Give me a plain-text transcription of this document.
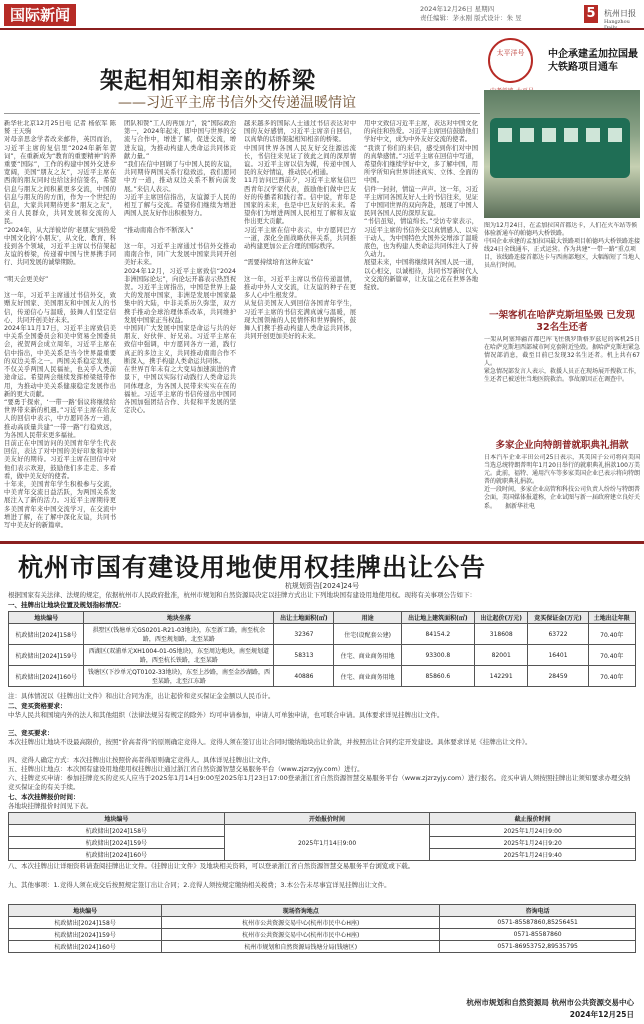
国际新闻	2024年12月26日 星期四
责任编辑：茅永刚 版式设计：朱 昱	5	杭州日报
Hangzhou Daily
架起相知相亲的桥梁
——习近平主席书信外交传递温暖情谊
新华社北京12月25日电 记者 杨依军 陈赟 王天驹
对母亲思念学者改来邮件，英因而治，习近平主席的复信里“2024年新年贺词”，在重新成为“教育的重要精神”的养重要“国际”，工作的构建中国外交进步宽阔，美国“朋友之友”，习近平主席在西南的朋友同时也给这封信签名，希望信息与朋友之间积累更多交流，中国的信息与朋友的的方面，作为一个世纪的信息，大家共同期待更多“朋友之友”，来自人民群众，共同发展和交流的人民。
“2024年，从大洋彼岸的‘老朋友’到热爱中国文化的‘小朋友’，从文化、教育、科技到各个领域，习近平主席以书信架起友谊的桥梁，传递着中国与世界携手同行、共同发展的诚挚期盼。

“明天会更美好”

这一年，习近平主席通过书信外交，致赠友好国家、美国朋友和中国友人的书信，传递信心与温暖，鼓舞人们坚定信心、共同开创美好未来。
2024年11月17日，习近平主席致信美中关系全国委员会和美中贸易全国委员会，祝贺两会成立周年，习近平主席在信中指出，中美关系是当今世界最重要的双边关系之一。两国关系稳定发展，不仅关乎两国人民福祉，也关乎人类前途命运。希望两会继续发挥桥梁纽带作用，为推动中美关系健康稳定发展作出新的更大贡献。
“要勇于探索，‘一带一路’倡议将继续给世界带来新的机遇。”习近平主席在给友人的回信中表示，中方愿同各方一道，推动高质量共建“一带一路”行稳致远，为各国人民带来更多福祉。
目前正在中国访问的美国青年学生代表回信，表达了对中国的美好印象和对中美友好的期待。习近平主席在回信中对他们表示欢迎，鼓励他们多走走、多看看，做中美友好的使者。
十年来，美国青年学生积极参与交流，中美青年交流日益活跃，为两国关系发展注入了新的活力。习近平主席期待更多美国青年来中国交流学习，在交流中增进了解，在了解中深化友谊，共同书写中美友好的新篇章。
团队和赞“工人的再加力”，说“国际政治第一，2024年起来，即中国与世界的交流与合作中，增进了解，促进交流，增进友谊，为推动构建人类命运共同体贡献力量。”
“我们在信中回顾了与中国人民的友谊，共同期待两国关系行稳致远，我们愿同中方一道，推动双边关系不断向前发展。”来信人表示。
习近平主席回信指出，友谊源于人民的相互了解与交流。希望你们继续为增进两国人民友好作出积极努力。

“推动南南合作不断深入”

这一年，习近平主席通过书信外交推动南南合作，同广大发展中国家共同开创美好未来。
2024年12月，习近平主席致信“2024非洲国际论坛”，向论坛开幕表示热烈祝贺。习近平主席指出，中国是世界上最大的发展中国家，非洲是发展中国家最集中的大陆，中非关系历久弥坚，双方携手推动全球治理体系改革，共同维护发展中国家正当权益。
中国同广大发展中国家是命运与共的好朋友、好伙伴、好兄弟。习近平主席在致信中强调，中方愿同各方一道，践行真正的多边主义，共同推动南南合作不断深入，携手构建人类命运共同体。
在世界百年未有之大变局加速演进的背景下，中国以实际行动践行人类命运共同体理念，为各国人民带来实实在在的福祉。习近平主席的书信传递出中国同各国加强团结合作、共促和平发展的坚定决心。
越来越多的国际人士通过书信表达对中国的友好感情，习近平主席亲自回信，以真挚的话语架起相知相亲的桥梁。
中国同世界各国人民友好交往源远流长，书信往来见证了彼此之间的深厚情谊。习近平主席以信为媒，传递中国人民的友好情谊，推动民心相通。
11月访问巴西前夕，习近平主席复信巴西青年汉学家代表，鼓励他们做中巴友好的传播者和践行者。信中说，青年是国家的未来，也是中巴友好的未来。希望你们为增进两国人民相互了解和友谊作出更大贡献。
习近平主席在信中表示，中方愿同巴方一道，深化全面战略伙伴关系，共同推动构建更加公正合理的国际秩序。

“需要持续培育这种友谊”

这一年，习近平主席以书信传递温情，推动中外人文交流，让友谊的种子在更多人心中生根发芽。
从复信美国友人到回信各国青年学生，习近平主席的书信充满真诚与温暖，展现大国领袖的人民情怀和世界胸怀，鼓舞人们携手推动构建人类命运共同体，共同开创更加美好的未来。
用中文致信习近平主席，表达对中国文化的向往和热爱。习近平主席回信鼓励他们学好中文，成为中外友好交流的使者。
“我读了你们的来信，感受到你们对中国的真挚感情。”习近平主席在回信中写道，希望你们继续学好中文，多了解中国，用所学所知向世界讲述真实、立体、全面的中国。
信件一封封，情谊一声声。这一年，习近平主席同各国友好人士的书信往来，见证了中国同世界的双向奔赴，展现了中国人民同各国人民的深厚友谊。
“书信虽短，情谊绵长。”受访专家表示，习近平主席的书信外交以真情感人、以实干动人，为中国特色大国外交增添了温暖底色，也为构建人类命运共同体注入了持久动力。
展望未来，中国将继续同各国人民一道，以心相交，以诚相待，共同书写新时代人文交流的新篇章，让友谊之花在世界各地绽放。
太平洋号	中企承建孟加拉国最大铁路项目通车
图为12月24日，在孟加拉国首都达卡，人们在火车站等候体验新通车的帕德玛大桥铁路。
中国企业承建的孟加拉国最大铁路项目帕德玛大桥铁路连接线24日全线通车，正式运营。作为共建“一带一路”重点项目，该线路连接首都达卡与西南部地区，大幅缩短了当地人员出行时间。
一架客机在哈萨克斯坦坠毁 已发现32名生还者
一架从阿塞拜疆首都巴库飞往俄罗斯格罗兹尼的客机25日在哈萨克斯坦西部城市阿克套附近坠毁。据哈萨克斯坦紧急情况部消息，截至目前已发现32名生还者。机上共有67人。
紧急情况部发言人表示，救援人员正在现场展开搜救工作，生还者已被送往当地医院救治。事故原因正在调查中。
多家企业向特朗普就职典礼捐款
日本汽车企业丰田公司25日表示，其美国子公司将向美国当选总统特朗普明年1月20日举行的就职典礼捐款100万美元。此前，福特、通用汽车等多家美国企业已表示将向特朗普的就职典礼捐款。
近一段时间，多家企业高管和科技公司负责人纷纷与特朗普会面，美国媒体报道称，企业试图与新一届政府建立良好关系。　　据新华社电
杭州市国有建设用地使用权挂牌出让公告
杭规划资告[2024]24号
根据国家有关法律、法规的规定，依据杭州市人民政府批准，杭州市规划和自然资源局决定以挂牌方式出让下列地块国有建设用地使用权。现将有关事项公告如下：
一、挂牌出让地块位置及规划指标情况：
地块编号	地块坐落	出让土地面积(㎡)	用途	出让地上建筑面积(㎡)	出让起价(万元)	竞买保证金(万元)	土地出让年限
杭政储出[2024]158号	拱墅区(钱塘单元GS0201-R21-03地块)，东至新工路，南至杭余路，西至规划路，北至某路	32367	住宅(设配套公建)	84154.2	318608	63722	70.40年
杭政储出[2024]159号	西湖区(双浦单元XH1004-01-05地块)，东至周边地块，南至规划道路，西至杭长铁路，北至某路	58313	住宅、商业商务用地	93300.8	82001	16401	70.40年
杭政储出[2024]160号	钱塘区(下沙单元QT0102-33地块)，东至上沙路，南至金沙湖路，西至某路，北至江东路	40886	住宅、商业商务用地	85860.6	142291	28459	70.40年
注：具体情况以《挂牌出让文件》和出让合同为准，出让起价和竞买保证金金额以人民币计。
二、竞买资格要求：
中华人民共和国境内外的法人和其他组织（法律法规另有规定的除外）均可申请参加，申请人可单独申请，也可联合申请。具体要求详见挂牌出让文件。
三、竞买要求：
本次挂牌出让地块不设最高限价，按照“价高者得”的原则确定竞得人。竞得人须在签订出让合同时缴纳地块出让价款，并按照出让合同约定开发建设。具体要求详见《挂牌出让文件》。
四、竞得人确定方式：本次挂牌出让按照价高者得原则确定竞得人。具体详见挂牌出让文件。
五、挂牌出让地点：本次国有建设用地使用权挂牌出让通过浙江省自然资源智慧交易服务平台（www.zjzrzyjy.com）进行。
六、挂牌竞买申请：参加挂牌竞买的竞买人应当于2025年1月14日9:00至2025年1月23日17:00登录浙江省自然资源智慧交易服务平台（www.zjzrzyjy.com）进行报名。竞买申请人须按照挂牌出让须知要求办理交纳竞买保证金的有关手续。
七、本次挂牌报价时间：
各地块挂牌报价时间见下表。
地块编号	开始报价时间	截止报价时间
杭政储出[2024]158号	2025年1月14日9:00	2025年1月24日9:00
杭政储出[2024]159号		2025年1月24日9:20
杭政储出[2024]160号		2025年1月24日9:40
八、本次挂牌出让详细资料请查阅挂牌出让文件。《挂牌出让文件》及地块相关资料，可以登录浙江省自然资源智慧交易服务平台浏览或下载。
九、其他事项：1.竞得人须在成交后按照规定签订出让合同；2.竞得人须按规定缴纳相关税费；3.本公告未尽事宜详见挂牌出让文件。
地块编号	现场咨询地点	咨询电话
杭政储出[2024]158号	杭州市公共资源交易中心(杭州市民中心H座)	0571-85587860,85256451
杭政储出[2024]159号	杭州市公共资源交易中心(杭州市民中心H座)	0571-85587860
杭政储出[2024]160号	杭州市规划和自然资源局钱塘分局(钱塘区)	0571-86953752,89535795
杭州市规划和自然资源局 杭州市公共资源交易中心
2024年12月25日
